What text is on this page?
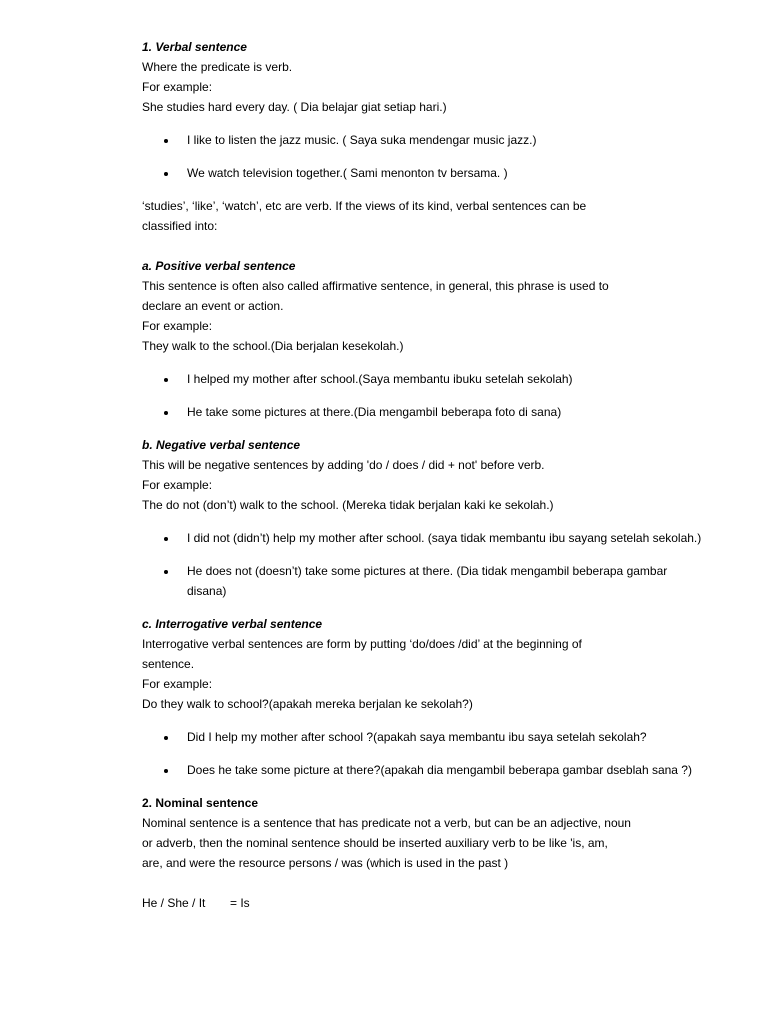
1. Verbal sentence
Where the predicate is verb.
For example:
She studies hard every day. ( Dia belajar giat setiap hari.)
I like to listen the jazz music. ( Saya suka mendengar music jazz.)
We watch television together.( Sami menonton tv bersama. )
‘studies’, ‘like’, ‘watch’, etc are verb. If the views of its kind, verbal sentences can be
classified into:
a. Positive verbal sentence
This sentence is often also called affirmative sentence, in general, this phrase is used to
declare an event or action.
For example:
They walk to the school.(Dia berjalan kesekolah.)
I helped my mother after school.(Saya membantu ibuku setelah sekolah)
He take some pictures at there.(Dia mengambil beberapa foto di sana)
b. Negative verbal sentence
This will be negative sentences by adding 'do / does / did + not' before verb.
For example:
The do not (don’t) walk to the school. (Mereka tidak berjalan kaki ke sekolah.)
I did not (didn’t) help my mother after school. (saya tidak membantu ibu sayang setelah sekolah.)
He does not (doesn’t) take some pictures at there. (Dia tidak mengambil beberapa gambar disana)
c. Interrogative verbal sentence
Interrogative verbal sentences are form by putting ‘do/does /did’ at the beginning of
sentence.
For example:
Do they walk to school?(apakah mereka berjalan ke sekolah?)
Did I help my mother after school ?(apakah saya membantu ibu saya setelah sekolah?
Does he take some picture at there?(apakah dia mengambil beberapa gambar dseblah sana ?)
2. Nominal sentence
Nominal sentence is a sentence that has predicate not a verb, but can be an adjective, noun
or adverb, then the nominal sentence should be inserted auxiliary verb to be like 'is, am,
are, and were the resource persons / was (which is used in the past )
He / She / It = Is
